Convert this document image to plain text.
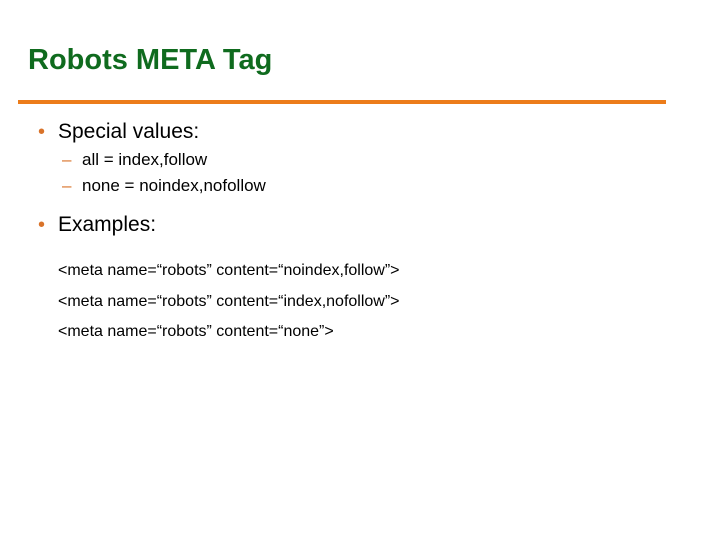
Robots META Tag
• Special values:
– all = index,follow
– none = noindex,nofollow
• Examples:
<meta name=“robots” content=“noindex,follow”>
<meta name=“robots” content=“index,nofollow”>
<meta name=“robots” content=“none”>
